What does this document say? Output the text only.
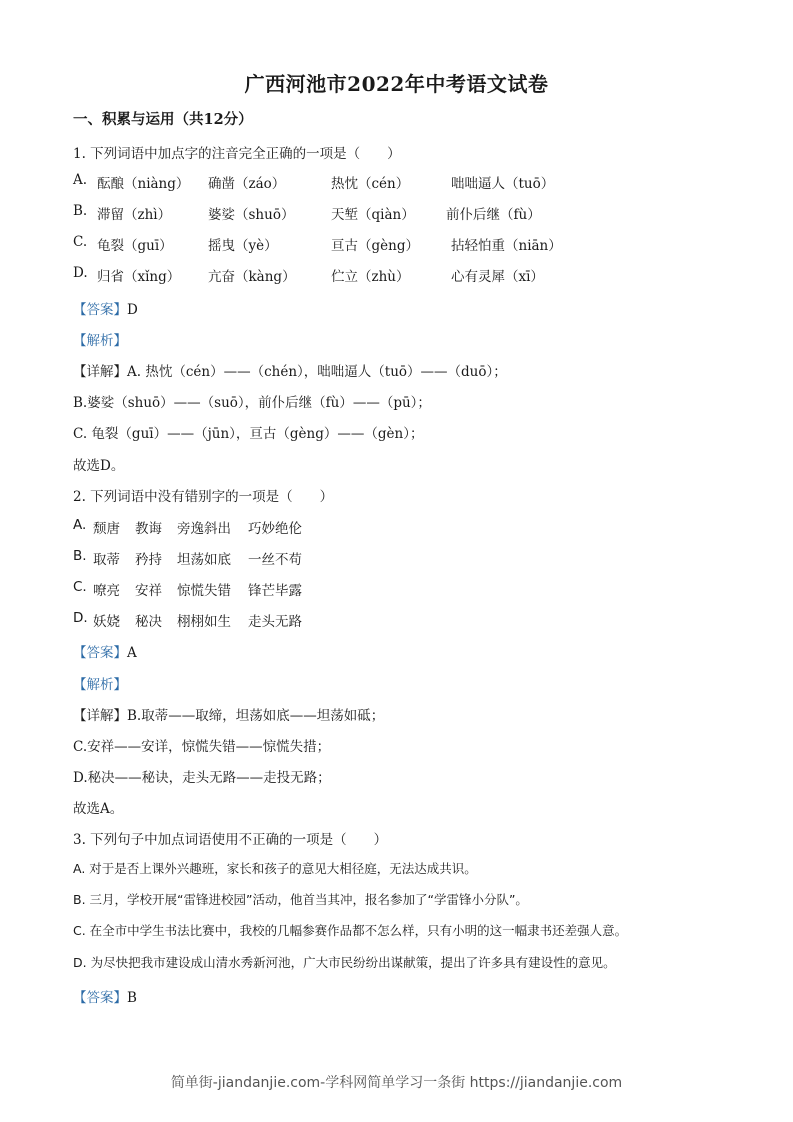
广西河池市2022年中考语文试卷
一、积累与运用（共12分）
1. 下列词语中加点字的注音完全正确的一项是（　　）
A. 酝酿（niàng） 确凿（záo）	热忱（cén）	咄咄逼人（tuō）
B. 滞留（zhì）	婆娑（shuō）	天堑（qiàn） 前仆后继（fù）
C. 龟裂（guī）	摇曳（yè）	亘古（gèng） 拈轻怕重（niān）
D. 归省（xǐng） 亢奋（kàng）	伫立（zhù）	心有灵犀（xī）
【答案】D
【解析】
【详解】A. 热忱（cén）——（chén），咄咄逼人（tuō）——（duō）；
B.婆娑（shuō）——（suō），前仆后继（fù）——（pū）；
C. 龟裂（guī）——（jūn），亘古（gèng）——（gèn）；
故选D。
2. 下列词语中没有错别字的一项是（　　）
A. 颓唐 教诲 旁逸斜出 巧妙绝伦
B. 取蒂 矜持 坦荡如底 一丝不苟
C. 嘹亮 安祥 惊慌失错 锋芒毕露
D. 妖娆 秘决 栩栩如生 走头无路
【答案】A
【解析】
【详解】B.取蒂——取缔，坦荡如底——坦荡如砥；
C.安祥——安详，惊慌失错——惊慌失措；
D.秘决——秘诀，走头无路——走投无路；
故选A。
3. 下列句子中加点词语使用不正确的一项是（　　）
A. 对于是否上课外兴趣班，家长和孩子的意见大相径庭，无法达成共识。
B. 三月，学校开展“雷锋进校园”活动，他首当其冲，报名参加了“学雷锋小分队”。
C. 在全市中学生书法比赛中，我校的几幅参赛作品都不怎么样，只有小明的这一幅隶书还差强人意。
D. 为尽快把我市建设成山清水秀新河池，广大市民纷纷出谋献策，提出了许多具有建设性的意见。
【答案】B
简单街-jiandanjie.com-学科网简单学习一条街 https://jiandanjie.com
